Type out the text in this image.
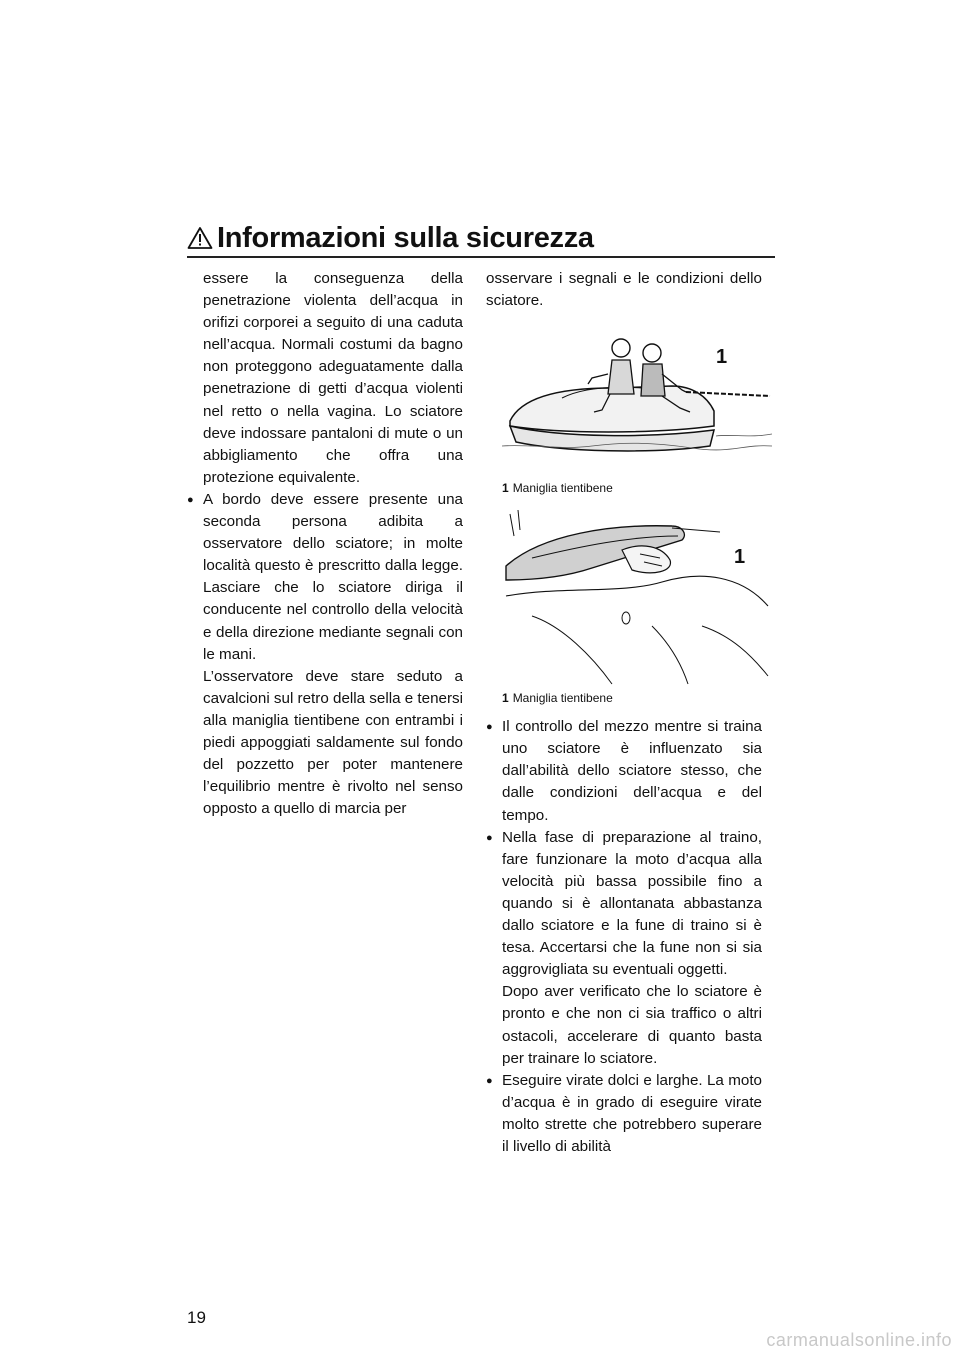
Informazioni sulla sicurezza

essere la conseguenza della penetrazione violenta dell’acqua in orifizi corporei a seguito di una caduta nell’acqua. Normali costumi da bagno non proteggono adeguatamente dalla penetrazione di getti d’acqua violenti nel retto o nella vagina. Lo sciatore deve indossare pantaloni di mute o un abbigliamento che offra una protezione equivalente.

● A bordo deve essere presente una seconda persona adibita a osservatore dello sciatore; in molte località questo è prescritto dalla legge. Lasciare che lo sciatore diriga il conducente nel controllo della velocità e della direzione mediante segnali con le mani.

L’osservatore deve stare seduto a cavalcioni sul retro della sella e tenersi alla maniglia tientibene con entrambi i piedi appoggiati saldamente sul fondo del pozzetto per poter mantenere l’equilibrio mentre è rivolto nel senso opposto a quello di marcia per

osservare i segnali e le condizioni dello sciatore.

1
1 Maniglia tientibene
1
1 Maniglia tientibene

● Il controllo del mezzo mentre si traina uno sciatore è influenzato sia dall’abilità dello sciatore stesso, che dalle condizioni dell’acqua e del tempo.

● Nella fase di preparazione al traino, fare funzionare la moto d’acqua alla velocità più bassa possibile fino a quando si è allontanata abbastanza dallo sciatore e la fune di traino si è tesa. Accertarsi che la fune non si sia aggrovigliata su eventuali oggetti.

Dopo aver verificato che lo sciatore è pronto e che non ci sia traffico o altri ostacoli, accelerare di quanto basta per trainare lo sciatore.

● Eseguire virate dolci e larghe. La moto d’acqua è in grado di eseguire virate molto strette che potrebbero superare il livello di abilità

19
carmanualsonline.info
